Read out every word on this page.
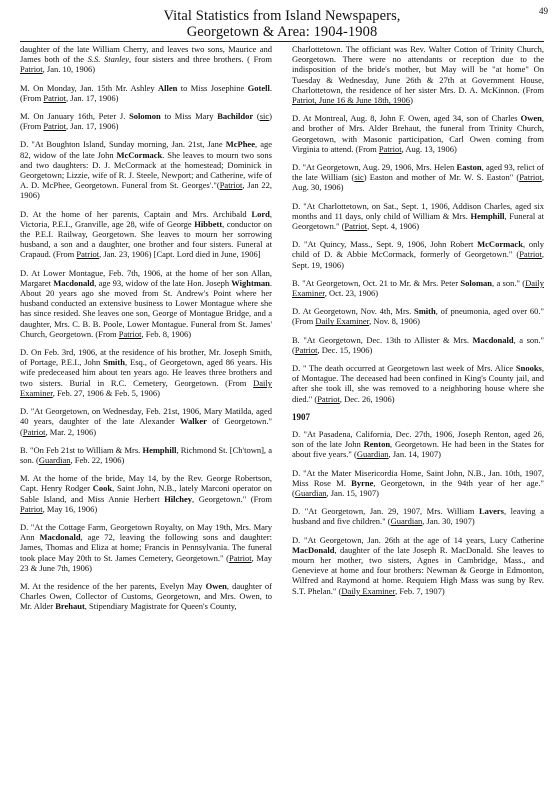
49
Vital Statistics from Island Newspapers,
Georgetown & Area: 1904-1908

daughter of the late William Cherry, and leaves two sons, Maurice and James both of the S.S. Stanley, four sisters and three brothers. ( From Patriot, Jan. 10, 1906)

M. On Monday, Jan. 15th Mr. Ashley Allen to Miss Josephine Gotell. (From Patriot, Jan. 17, 1906)

M. On January 16th, Peter J. Solomon to Miss Mary Bachildor (sic) (From Patriot, Jan. 17, 1906)

D. "At Boughton Island, Sunday morning, Jan. 21st, Jane McPhee, age 82, widow of the late John McCormack. She leaves to mourn two sons and two daughters: D. J. McCormack at the homestead; Dominick in Georgetown; Lizzie, wife of R. J. Steele, Newport; and Catherine, wife of A. D. McPhee, Georgetown. Funeral from St. Georges'."(Patriot, Jan 22, 1906)

D. At the home of her parents, Captain and Mrs. Archibald Lord, Victoria, P.E.I., Granville, age 28, wife of George Hibbett, conductor on the P.E.I. Railway, Georgetown. She leaves to mourn her sorrowing husband, a son and a daughter, one brother and four sisters. Funeral at Crapaud. (From Patriot, Jan. 23, 1906) [Capt. Lord died in June, 1906]

D. At Lower Montague, Feb. 7th, 1906, at the home of her son Allan, Margaret Macdonald, age 93, widow of the late Hon. Joseph Wightman. About 20 years ago she moved from St. Andrew's Point where her husband conducted an extensive business to Lower Montague where she has since resided. She leaves one son, George of Montague Bridge, and a daughter, Mrs. C. B. B. Poole, Lower Montague. Funeral from St. James' Church, Georgetown. (From Patriot, Feb. 8, 1906)

D. On Feb. 3rd, 1906, at the residence of his brother, Mr. Joseph Smith, of Portage, P.E.I., John Smith, Esq., of Georgetown, aged 86 years. His wife predeceased him about ten years ago. He leaves three brothers and two sisters. Burial in R.C. Cemetery, Georgetown. (From Daily Examiner, Feb. 27, 1906 & Feb. 5, 1906)

D. "At Georgetown, on Wednesday, Feb. 21st, 1906, Mary Matilda, aged 40 years, daughter of the late Alexander Walker of Georgetown." (Patriot, Mar. 2, 1906)

B. "On Feb 21st to William & Mrs. Hemphill, Richmond St. [Ch'town], a son. (Guardian, Feb. 22, 1906)

M. At the home of the bride, May 14, by the Rev. George Robertson, Capt. Henry Rodger Cook, Saint John, N.B., lately Marconi operator on Sable Island, and Miss Annie Herbert Hilchey, Georgetown." (From Patriot, May 16, 1906)

D. "At the Cottage Farm, Georgetown Royalty, on May 19th, Mrs. Mary Ann Macdonald, age 72, leaving the following sons and daughter: James, Thomas and Eliza at home; Francis in Pennsylvania. The funeral took place May 20th to St. James Cemetery, Georgetown." (Patriot, May 23 & June 7th, 1906)

M. At the residence of the her parents, Evelyn May Owen, daughter of Charles Owen, Collector of Customs, Georgetown, and Mrs. Owen, to Mr. Alder Brehaut, Stipendiary Magistrate for Queen's County,

Charlottetown. The officiant was Rev. Walter Cotton of Trinity Church, Georgetown. There were no attendants or reception due to the indisposition of the bride's mother, but May will be "at home" On Tuesday & Wednesday, June 26th & 27th at Government House, Charlottetown, the residence of her sister Mrs. D. A. McKinnon. (From Patriot, June 16 & June 18th, 1906)

D. At Montreal, Aug. 8, John F. Owen, aged 34, son of Charles Owen, and brother of Mrs. Alder Brehaut, the funeral from Trinity Church, Georgetown, with Masonic participation, Carl Owen coming from Virginia to attend. (From Patriot, Aug. 13, 1906)

D. "At Georgetown, Aug. 29, 1906, Mrs. Helen Easton, aged 93, relict of the late William (sic) Easton and mother of Mr. W. S. Easton" (Patriot, Aug. 30, 1906)

D. "At Charlottetown, on Sat., Sept. 1, 1906, Addison Charles, aged six months and 11 days, only child of William & Mrs. Hemphill, Funeral at Georgetown." (Patriot, Sept. 4, 1906)

D. "At Quincy, Mass., Sept. 9, 1906, John Robert McCormack, only child of D. & Abbie McCormack, formerly of Georgetown." (Patriot, Sept. 19, 1906)

B. "At Georgetown, Oct. 21 to Mr. & Mrs. Peter Soloman, a son." (Daily Examiner, Oct. 23, 1906)

D. At Georgetown, Nov. 4th, Mrs. Smith, of pneumonia, aged over 60." (From Daily Examiner, Nov. 8, 1906)

B. "At Georgetown, Dec. 13th to Allister & Mrs. Macdonald, a son." (Patriot, Dec. 15, 1906)

D. " The death occurred at Georgetown last week of Mrs. Alice Snooks, of Montague. The deceased had been confined in King's County jail, and after she took ill, she was removed to a neighboring house where she died." (Patriot, Dec. 26, 1906)

1907

D. "At Pasadena, California, Dec. 27th, 1906, Joseph Renton, aged 26, son of the late John Renton, Georgetown. He had been in the States for about five years." (Guardian, Jan. 14, 1907)

D. "At the Mater Misericordia Home, Saint John, N.B., Jan. 10th, 1907, Miss Rose M. Byrne, Georgetown, in the 94th year of her age." (Guardian, Jan. 15, 1907)

D. "At Georgetown, Jan. 29, 1907, Mrs. William Lavers, leaving a husband and five children." (Guardian, Jan. 30, 1907)

D. "At Georgetown, Jan. 26th at the age of 14 years, Lucy Catherine MacDonald, daughter of the late Joseph R. MacDonald. She leaves to mourn her mother, two sisters, Agnes in Cambridge, Mass., and Genevieve at home and four brothers: Newman & George in Edmonton, Wilfred and Raymond at home. Requiem High Mass was sung by Rev. S.T. Phelan." (Daily Examiner, Feb. 7, 1907)
